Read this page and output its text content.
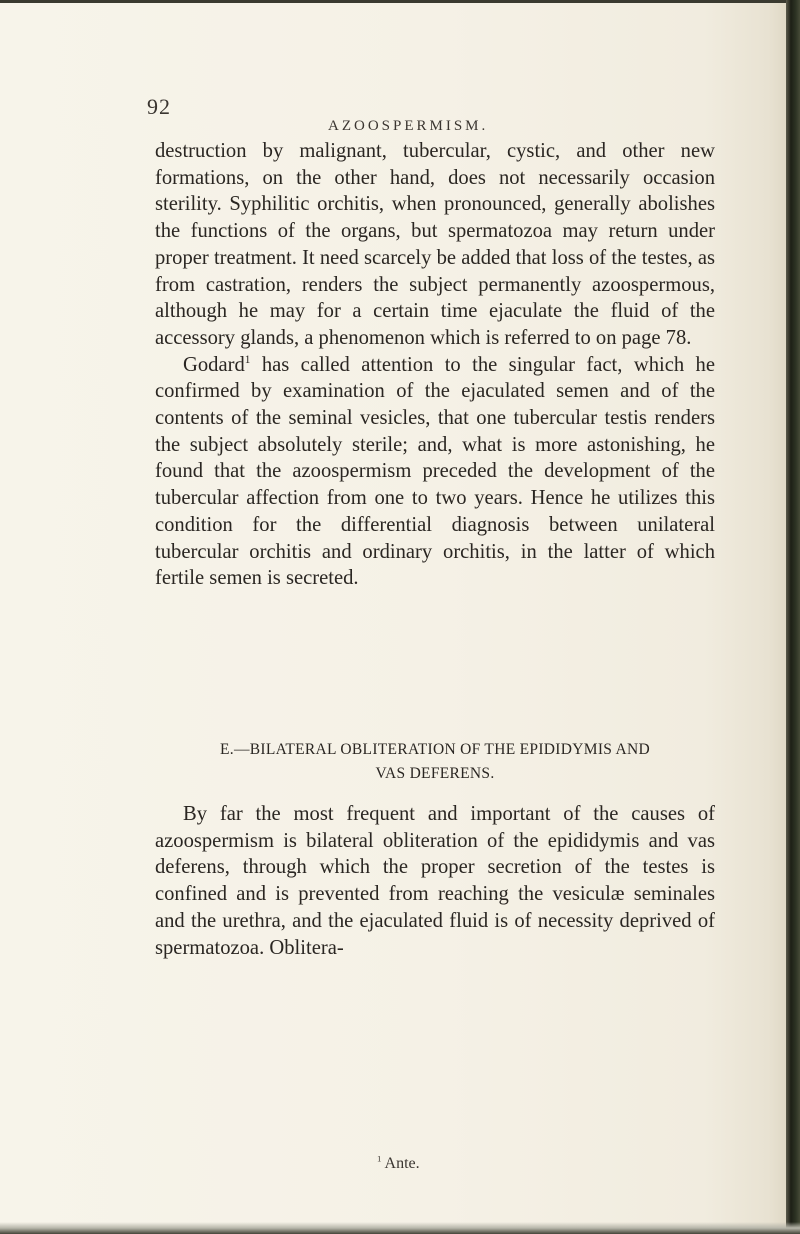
92
AZOOSPERMISM.

destruction by malignant, tubercular, cystic, and other new formations, on the other hand, does not necessarily occasion sterility. Syphilitic orchitis, when pronounced, generally abolishes the functions of the organs, but spermatozoa may return under proper treatment. It need scarcely be added that loss of the testes, as from castration, renders the subject permanently azoospermous, although he may for a certain time ejaculate the fluid of the accessory glands, a phenomenon which is referred to on page 78.

Godard$^1$ has called attention to the singular fact, which he confirmed by examination of the ejaculated semen and of the contents of the seminal vesicles, that one tubercular testis renders the subject absolutely sterile; and, what is more astonishing, he found that the azoospermism preceded the development of the tubercular affection from one to two years. Hence he utilizes this condition for the differential diagnosis between unilateral tubercular orchitis and ordinary orchitis, in the latter of which fertile semen is secreted.

E.—BILATERAL OBLITERATION OF THE EPIDIDYMIS AND
VAS DEFERENS.

By far the most frequent and important of the causes of azoospermism is bilateral obliteration of the epididymis and vas deferens, through which the proper secretion of the testes is confined and is prevented from reaching the vesiculæ seminales and the urethra, and the ejaculated fluid is of necessity deprived of spermatozoa. Oblitera-

$^1$ Ante.
